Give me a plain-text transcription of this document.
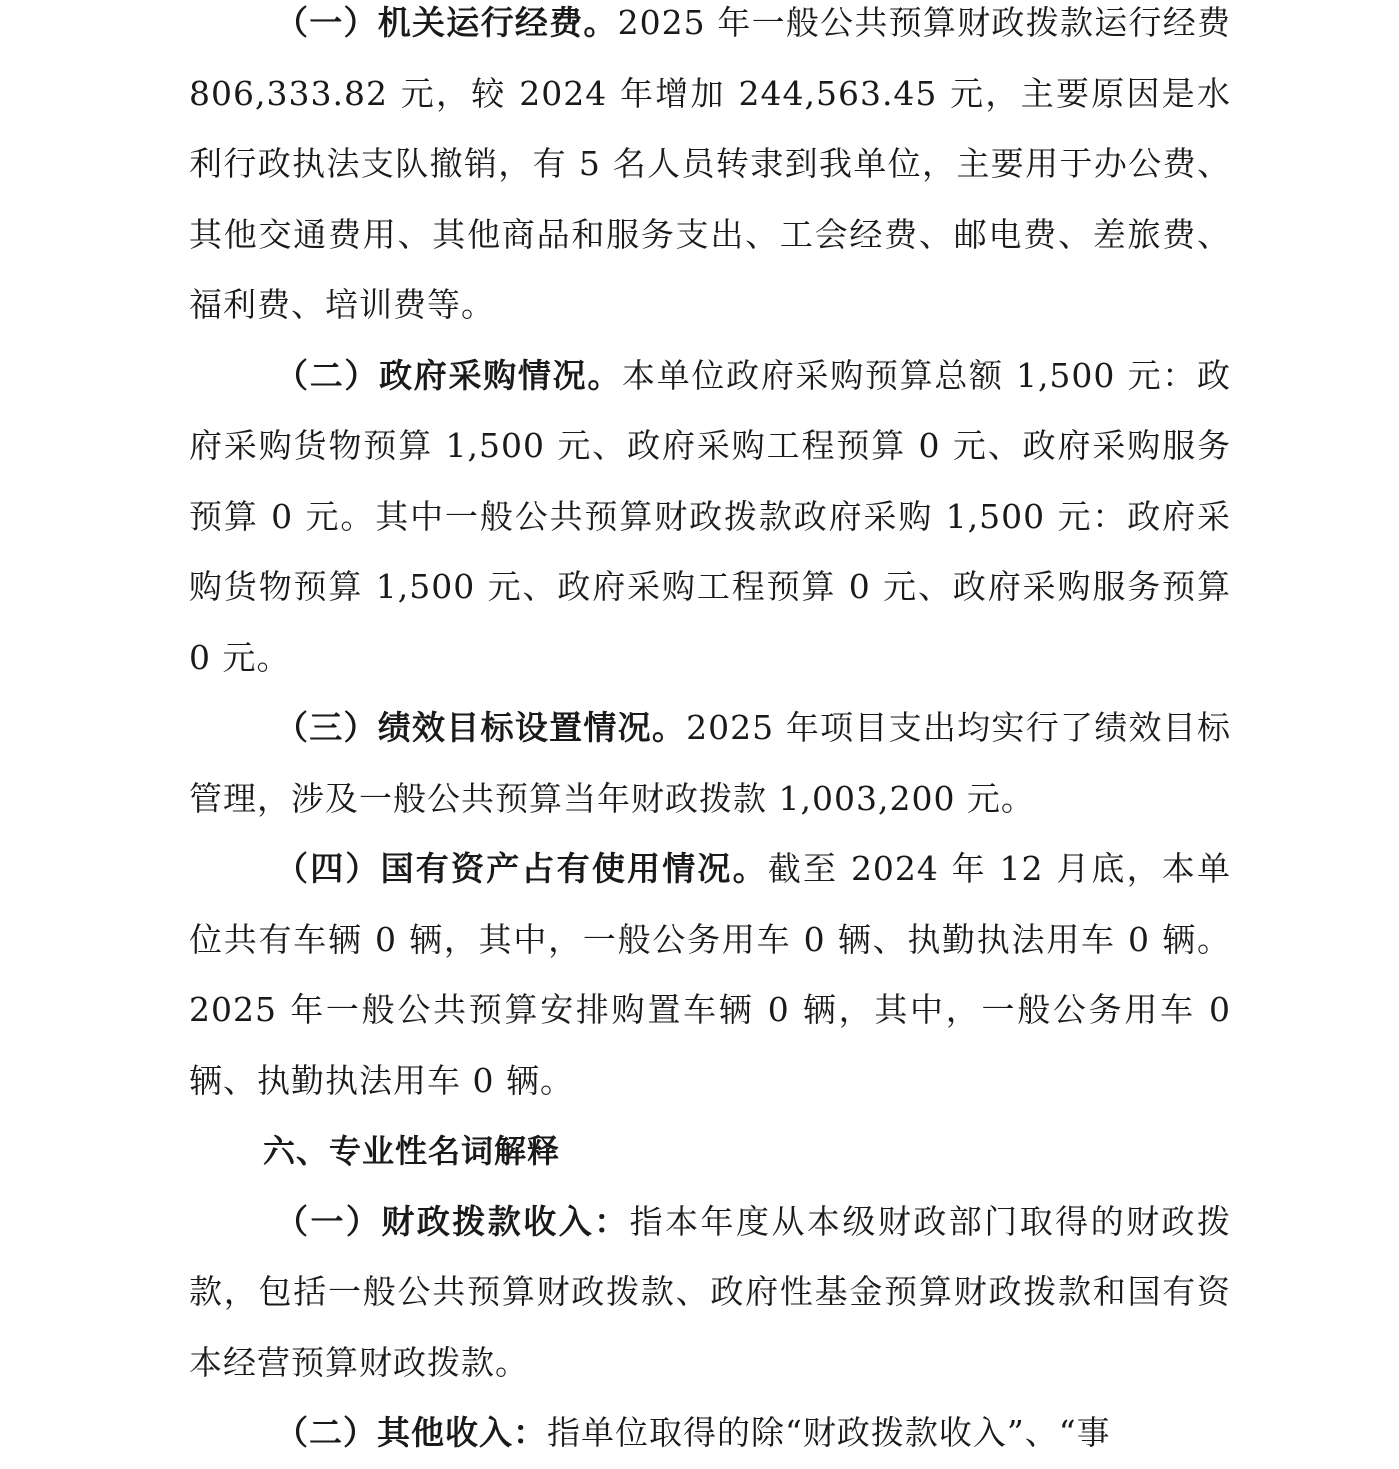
（一）机关运行经费。2025 年一般公共预算财政拨款运行经费 806,333.82 元，较 2024 年增加 244,563.45 元，主要原因是水利行政执法支队撤销，有 5 名人员转隶到我单位，主要用于办公费、其他交通费用、其他商品和服务支出、工会经费、邮电费、差旅费、福利费、培训费等。

（二）政府采购情况。本单位政府采购预算总额 1,500 元：政府采购货物预算 1,500 元、政府采购工程预算 0 元、政府采购服务预算 0 元。其中一般公共预算财政拨款政府采购 1,500 元：政府采购货物预算 1,500 元、政府采购工程预算 0 元、政府采购服务预算 0 元。

（三）绩效目标设置情况。2025 年项目支出均实行了绩效目标管理，涉及一般公共预算当年财政拨款 1,003,200 元。

（四）国有资产占有使用情况。截至 2024 年 12 月底，本单位共有车辆 0 辆，其中，一般公务用车 0 辆、执勤执法用车 0 辆。2025 年一般公共预算安排购置车辆 0 辆，其中，一般公务用车 0 辆、执勤执法用车 0 辆。

六、专业性名词解释

（一）财政拨款收入：指本年度从本级财政部门取得的财政拨款，包括一般公共预算财政拨款、政府性基金预算财政拨款和国有资本经营预算财政拨款。

（二）其他收入：指单位取得的除“财政拨款收入”、“事
